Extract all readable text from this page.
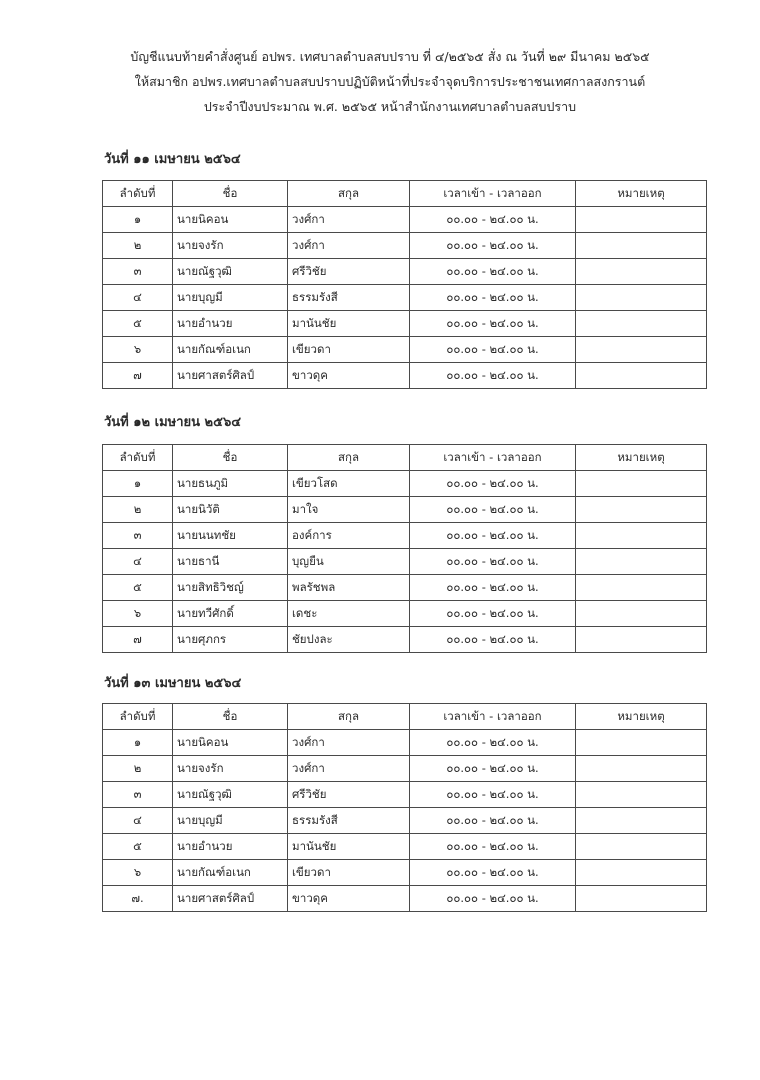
บัญชีแนบท้ายคำสั่งศูนย์ อปพร. เทศบาลตำบลสบปราบ ที่ ๔/๒๕๖๕ สั่ง ณ วันที่ ๒๙ มีนาคม ๒๕๖๕
ให้สมาชิก อปพร.เทศบาลตำบลสบปราบปฏิบัติหน้าที่ประจำจุดบริการประชาชนเทศกาลสงกรานต์
ประจำปีงบประมาณ พ.ศ. ๒๕๖๕ หน้าสำนักงานเทศบาลตำบลสบปราบ
วันที่ ๑๑ เมษายน ๒๕๖๔
ลำดับที่	ชื่อ	สกุล	เวลาเข้า - เวลาออก	หมายเหตุ
๑	นายนิคอน	วงศ์กา	๐๐.๐๐ - ๒๔.๐๐ น.	
๒	นายจงรัก	วงศ์กา	๐๐.๐๐ - ๒๔.๐๐ น.	
๓	นายณัฐวุฒิ	ศรีวิชัย	๐๐.๐๐ - ๒๔.๐๐ น.	
๔	นายบุญมี	ธรรมรังสี	๐๐.๐๐ - ๒๔.๐๐ น.	
๕	นายอำนวย	มานันชัย	๐๐.๐๐ - ๒๔.๐๐ น.	
๖	นายกัณฑ์อเนก	เขียวดา	๐๐.๐๐ - ๒๔.๐๐ น.	
๗	นายศาสตร์ศิลป์	ขาวดุค	๐๐.๐๐ - ๒๔.๐๐ น.	
วันที่ ๑๒ เมษายน ๒๕๖๔
ลำดับที่	ชื่อ	สกุล	เวลาเข้า - เวลาออก	หมายเหตุ
๑	นายธนภูมิ	เขียวโสด	๐๐.๐๐ - ๒๔.๐๐ น.	
๒	นายนิวัติ	มาใจ	๐๐.๐๐ - ๒๔.๐๐ น.	
๓	นายนนทชัย	องค์การ	๐๐.๐๐ - ๒๔.๐๐ น.	
๔	นายธานี	บุญยืน	๐๐.๐๐ - ๒๔.๐๐ น.	
๕	นายสิทธิวิชญ์	พลรัชพล	๐๐.๐๐ - ๒๔.๐๐ น.	
๖	นายทวีศักดิ์	เดชะ	๐๐.๐๐ - ๒๔.๐๐ น.	
๗	นายศุภกร	ชัยปงละ	๐๐.๐๐ - ๒๔.๐๐ น.	
วันที่ ๑๓ เมษายน ๒๕๖๔
ลำดับที่	ชื่อ	สกุล	เวลาเข้า - เวลาออก	หมายเหตุ
๑	นายนิคอน	วงศ์กา	๐๐.๐๐ - ๒๔.๐๐ น.	
๒	นายจงรัก	วงศ์กา	๐๐.๐๐ - ๒๔.๐๐ น.	
๓	นายณัฐวุฒิ	ศรีวิชัย	๐๐.๐๐ - ๒๔.๐๐ น.	
๔	นายบุญมี	ธรรมรังสี	๐๐.๐๐ - ๒๔.๐๐ น.	
๕	นายอำนวย	มานันชัย	๐๐.๐๐ - ๒๔.๐๐ น.	
๖	นายกัณฑ์อเนก	เขียวดา	๐๐.๐๐ - ๒๔.๐๐ น.	
๗.	นายศาสตร์ศิลป์	ขาวดุค	๐๐.๐๐ - ๒๔.๐๐ น.	
